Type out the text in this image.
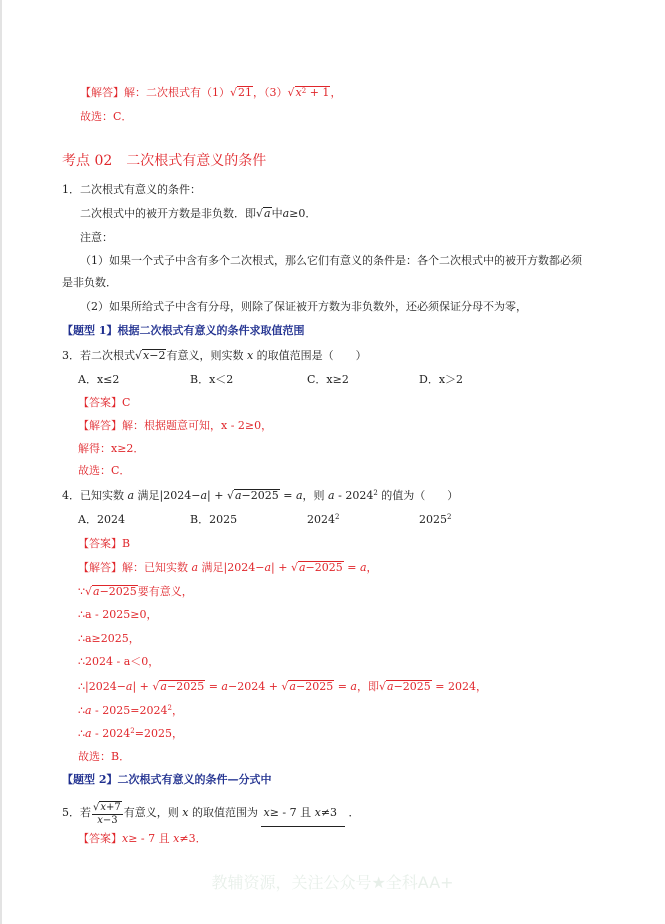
【解答】解：二次根式有（1）√21，$(3)√x^2 + 1$，
故选：C．
考点 02　二次根式有意义的条件
1．二次根式有意义的条件：
二次根式中的被开方数是非负数．即√a中a≥0．
注意：
（1）如果一个式子中含有多个二次根式，那么它们有意义的条件是：各个二次根式中的被开方数都必须
是非负数．
（2）如果所给式子中含有分母，则除了保证被开方数为非负数外，还必须保证分母不为零，
【题型 1】根据二次根式有意义的条件求取值范围
3．若二次根式√x−2有意义，则实数 x 的取值范围是（　　）
A．x≤2	B．x＜2	C．x≥2	D．x＞2
【答案】C
【解答】解：根据题意可知，x - 2≥0，
解得：x≥2．
故选：C．
4．已知实数 a 满足|2024−a| + √a−2025 = a，则 a - 2024$^2$ 的值为（　　）
A．2024	B．2025	2024$^2$	2025$^2$
【答案】B
【解答】解：已知实数 a 满足|2024−a| + √a−2025 = a，
∵√a−2025要有意义，
∴a - 2025≥0，
∴a≥2025，
∴2024 - a＜0，
∴|2024−a| + √a−2025 = a−2024 + √a−2025 = a，即√a−2025 = 2024，
∴a - $2025=2024^2$，
∴a - $2024^2=2025$，
故选：B．
【题型 2】二次根式有意义的条件—分式中
5．若 $\frac{√x+7}{x-3}$ 有意义，则 x 的取值范围为 x≥ - 7 且 x≠3 ．
【答案】x≥ - 7 且 x≠3．
教辅资源，关注公众号★全科AA+
